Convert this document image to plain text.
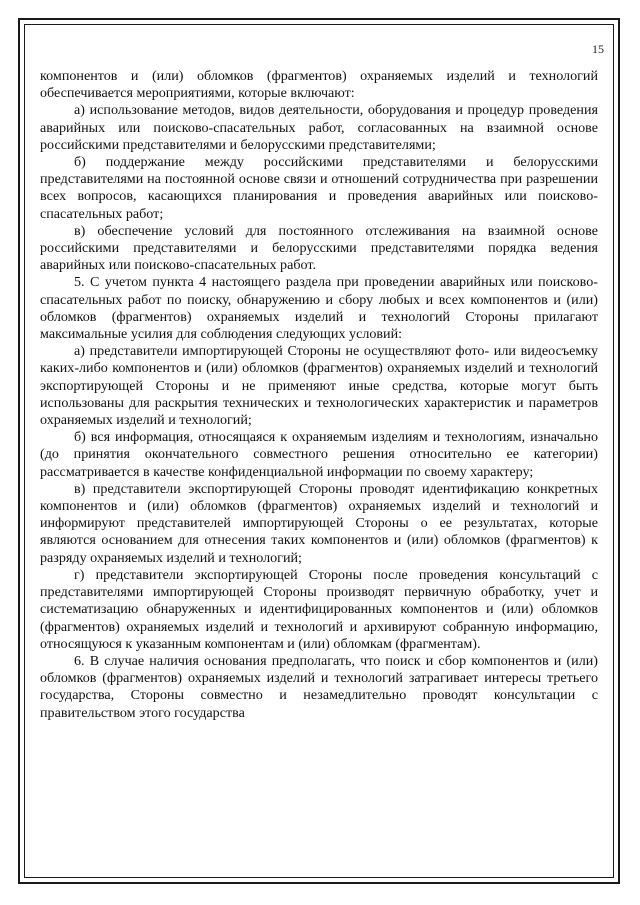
15

компонентов и (или) обломков (фрагментов) охраняемых изделий и технологий обеспечивается мероприятиями, которые включают:

а) использование методов, видов деятельности, оборудования и процедур проведения аварийных или поисково-спасательных работ, согласованных на взаимной основе российскими представителями и белорусскими представителями;

б) поддержание между российскими представителями и белорусскими представителями на постоянной основе связи и отношений сотрудничества при разрешении всех вопросов, касающихся планирования и проведения аварийных или поисково-спасательных работ;

в) обеспечение условий для постоянного отслеживания на взаимной основе российскими представителями и белорусскими представителями порядка ведения аварийных или поисково-спасательных работ.

5. С учетом пункта 4 настоящего раздела при проведении аварийных или поисково-спасательных работ по поиску, обнаружению и сбору любых и всех компонентов и (или) обломков (фрагментов) охраняемых изделий и технологий Стороны прилагают максимальные усилия для соблюдения следующих условий:

а) представители импортирующей Стороны не осуществляют фото- или видеосъемку каких-либо компонентов и (или) обломков (фрагментов) охраняемых изделий и технологий экспортирующей Стороны и не применяют иные средства, которые могут быть использованы для раскрытия технических и технологических характеристик и параметров охраняемых изделий и технологий;

б) вся информация, относящаяся к охраняемым изделиям и технологиям, изначально (до принятия окончательного совместного решения относительно ее категории) рассматривается в качестве конфиденциальной информации по своему характеру;

в) представители экспортирующей Стороны проводят идентификацию конкретных компонентов и (или) обломков (фрагментов) охраняемых изделий и технологий и информируют представителей импортирующей Стороны о ее результатах, которые являются основанием для отнесения таких компонентов и (или) обломков (фрагментов) к разряду охраняемых изделий и технологий;

г) представители экспортирующей Стороны после проведения консультаций с представителями импортирующей Стороны производят первичную обработку, учет и систематизацию обнаруженных и идентифицированных компонентов и (или) обломков (фрагментов) охраняемых изделий и технологий и архивируют собранную информацию, относящуюся к указанным компонентам и (или) обломкам (фрагментам).

6. В случае наличия основания предполагать, что поиск и сбор компонентов и (или) обломков (фрагментов) охраняемых изделий и технологий затрагивает интересы третьего государства, Стороны совместно и незамедлительно проводят консультации с правительством этого государства
